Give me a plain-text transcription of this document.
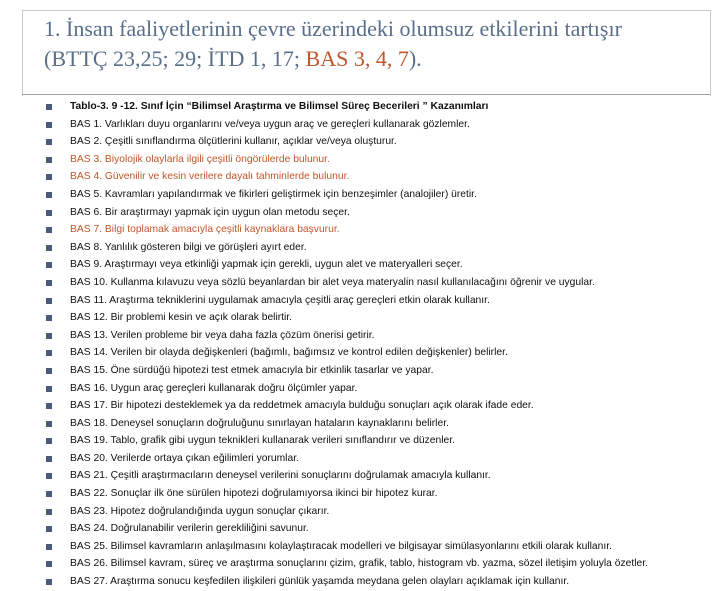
1. İnsan faaliyetlerinin çevre üzerindeki olumsuz etkilerini tartışır
(BTTÇ 23,25; 29; İTD 1, 17; BAS 3, 4, 7).
Tablo-3. 9 -12. Sınıf İçin “Bilimsel Araştırma ve Bilimsel Süreç Becerileri ” Kazanımları
BAS 1. Varlıkları duyu organlarını ve/veya uygun araç ve gereçleri kullanarak gözlemler.
BAS 2. Çeşitli sınıflandırma ölçütlerini kullanır, açıklar ve/veya oluşturur.
BAS 3. Biyolojik olaylarla ilgili çeşitli öngörülerde bulunur.
BAS 4. Güvenilir ve kesin verilere dayalı tahminlerde bulunur.
BAS 5. Kavramları yapılandırmak ve fikirleri geliştirmek için benzeşimler (analojiler) üretir.
BAS 6. Bir araştırmayı yapmak için uygun olan metodu seçer.
BAS 7. Bilgi toplamak amacıyla çeşitli kaynaklara başvurur.
BAS 8. Yanlılık gösteren bilgi ve görüşleri ayırt eder.
BAS 9. Araştırmayı veya etkinliği yapmak için gerekli, uygun alet ve materyalleri seçer.
BAS 10. Kullanma kılavuzu veya sözlü beyanlardan bir alet veya materyalin nasıl kullanılacağını öğrenir ve uygular.
BAS 11. Araştırma tekniklerini uygulamak amacıyla çeşitli araç gereçleri etkin olarak kullanır.
BAS 12. Bir problemi kesin ve açık olarak belirtir.
BAS 13. Verilen probleme bir veya daha fazla çözüm önerisi getirir.
BAS 14. Verilen bir olayda değişkenleri (bağımlı, bağımsız ve kontrol edilen değişkenler) belirler.
BAS 15. Öne sürdüğü hipotezi test etmek amacıyla bir etkinlik tasarlar ve yapar.
BAS 16. Uygun araç gereçleri kullanarak doğru ölçümler yapar.
BAS 17. Bir hipotezi desteklemek ya da reddetmek amacıyla bulduğu sonuçları açık olarak ifade eder.
BAS 18. Deneysel sonuçların doğruluğunu sınırlayan hataların kaynaklarını belirler.
BAS 19. Tablo, grafik gibi uygun teknikleri kullanarak verileri sınıflandırır ve düzenler.
BAS 20. Verilerde ortaya çıkan eğilimleri yorumlar.
BAS 21. Çeşitli araştırmacıların deneysel verilerini sonuçlarını doğrulamak amacıyla kullanır.
BAS 22. Sonuçlar ilk öne sürülen hipotezi doğrulamıyorsa ikinci bir hipotez kurar.
BAS 23. Hipotez doğrulandığında uygun sonuçlar çıkarır.
BAS 24. Doğrulanabilir verilerin gerekliliğini savunur.
BAS 25. Bilimsel kavramların anlaşılmasını kolaylaştıracak modelleri ve bilgisayar simülasyonlarını etkili olarak kullanır.
BAS 26. Bilimsel kavram, süreç ve araştırma sonuçlarını çizim, grafik, tablo, histogram vb. yazma, sözel iletişim yoluyla özetler.
BAS 27. Araştırma sonucu keşfedilen ilişkileri günlük yaşamda meydana gelen olayları açıklamak için kullanır.
